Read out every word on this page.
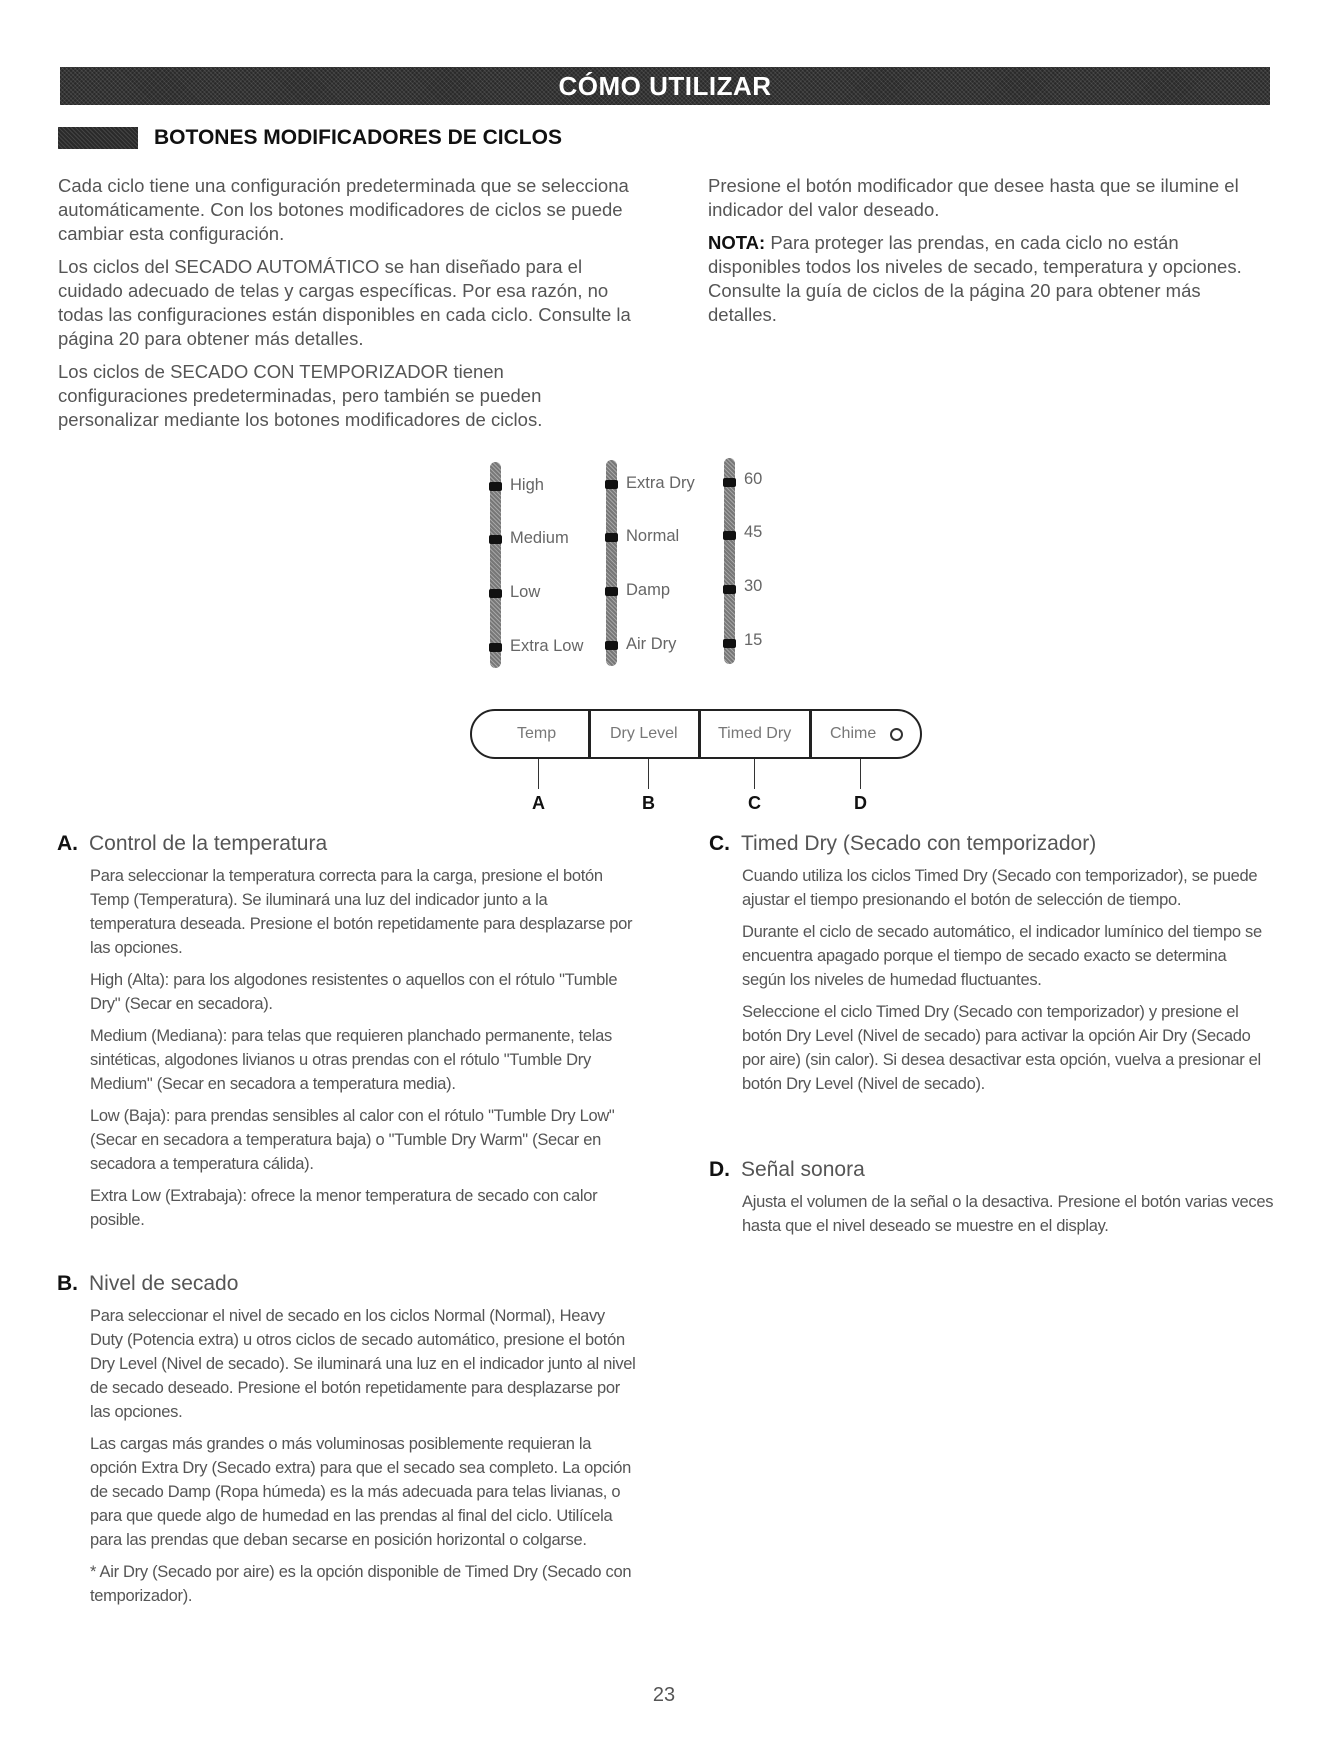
CÓMO UTILIZAR
BOTONES MODIFICADORES DE CICLOS

Cada ciclo tiene una configuración predeterminada que se selecciona automáticamente. Con los botones modificadores de ciclos se puede cambiar esta configuración.

Los ciclos del SECADO AUTOMÁTICO se han diseñado para el cuidado adecuado de telas y cargas específicas. Por esa razón, no todas las configuraciones están disponibles en cada ciclo. Consulte la página 20 para obtener más detalles.

Los ciclos de SECADO CON TEMPORIZADOR tienen configuraciones predeterminadas, pero también se pueden personalizar mediante los botones modificadores de ciclos.

Presione el botón modificador que desee hasta que se ilumine el indicador del valor deseado.

NOTA: Para proteger las prendas, en cada ciclo no están disponibles todos los niveles de secado, temperatura y opciones. Consulte la guía de ciclos de la página 20 para obtener más detalles.

High
Medium
Low
Extra Low
Extra Dry
Normal
Damp
Air Dry
60
45
30
15
Temp	Dry Level	Timed Dry Chime
A	B	C	D
A. Control de la temperatura

Para seleccionar la temperatura correcta para la carga, presione el botón Temp (Temperatura). Se iluminará una luz del indicador junto a la temperatura deseada. Presione el botón repetidamente para desplazarse por las opciones.

High (Alta): para los algodones resistentes o aquellos con el rótulo "Tumble Dry" (Secar en secadora).

Medium (Mediana): para telas que requieren planchado permanente, telas sintéticas, algodones livianos u otras prendas con el rótulo "Tumble Dry Medium" (Secar en secadora a temperatura media).

Low (Baja): para prendas sensibles al calor con el rótulo "Tumble Dry Low" (Secar en secadora a temperatura baja) o "Tumble Dry Warm" (Secar en secadora a temperatura cálida).

Extra Low (Extrabaja): ofrece la menor temperatura de secado con calor posible.

B. Nivel de secado

Para seleccionar el nivel de secado en los ciclos Normal (Normal), Heavy Duty (Potencia extra) u otros ciclos de secado automático, presione el botón Dry Level (Nivel de secado). Se iluminará una luz en el indicador junto al nivel de secado deseado. Presione el botón repetidamente para desplazarse por las opciones.

Las cargas más grandes o más voluminosas posiblemente requieran la opción Extra Dry (Secado extra) para que el secado sea completo. La opción de secado Damp (Ropa húmeda) es la más adecuada para telas livianas, o para que quede algo de humedad en las prendas al final del ciclo. Utilícela para las prendas que deban secarse en posición horizontal o colgarse.

* Air Dry (Secado por aire) es la opción disponible de Timed Dry (Secado con temporizador).

C. Timed Dry (Secado con temporizador)

Cuando utiliza los ciclos Timed Dry (Secado con temporizador), se puede ajustar el tiempo presionando el botón de selección de tiempo.

Durante el ciclo de secado automático, el indicador lumínico del tiempo se encuentra apagado porque el tiempo de secado exacto se determina según los niveles de humedad fluctuantes.

Seleccione el ciclo Timed Dry (Secado con temporizador) y presione el botón Dry Level (Nivel de secado) para activar la opción Air Dry (Secado por aire) (sin calor). Si desea desactivar esta opción, vuelva a presionar el botón Dry Level (Nivel de secado).

D. Señal sonora

Ajusta el volumen de la señal o la desactiva. Presione el botón varias veces hasta que el nivel deseado se muestre en el display.

23
